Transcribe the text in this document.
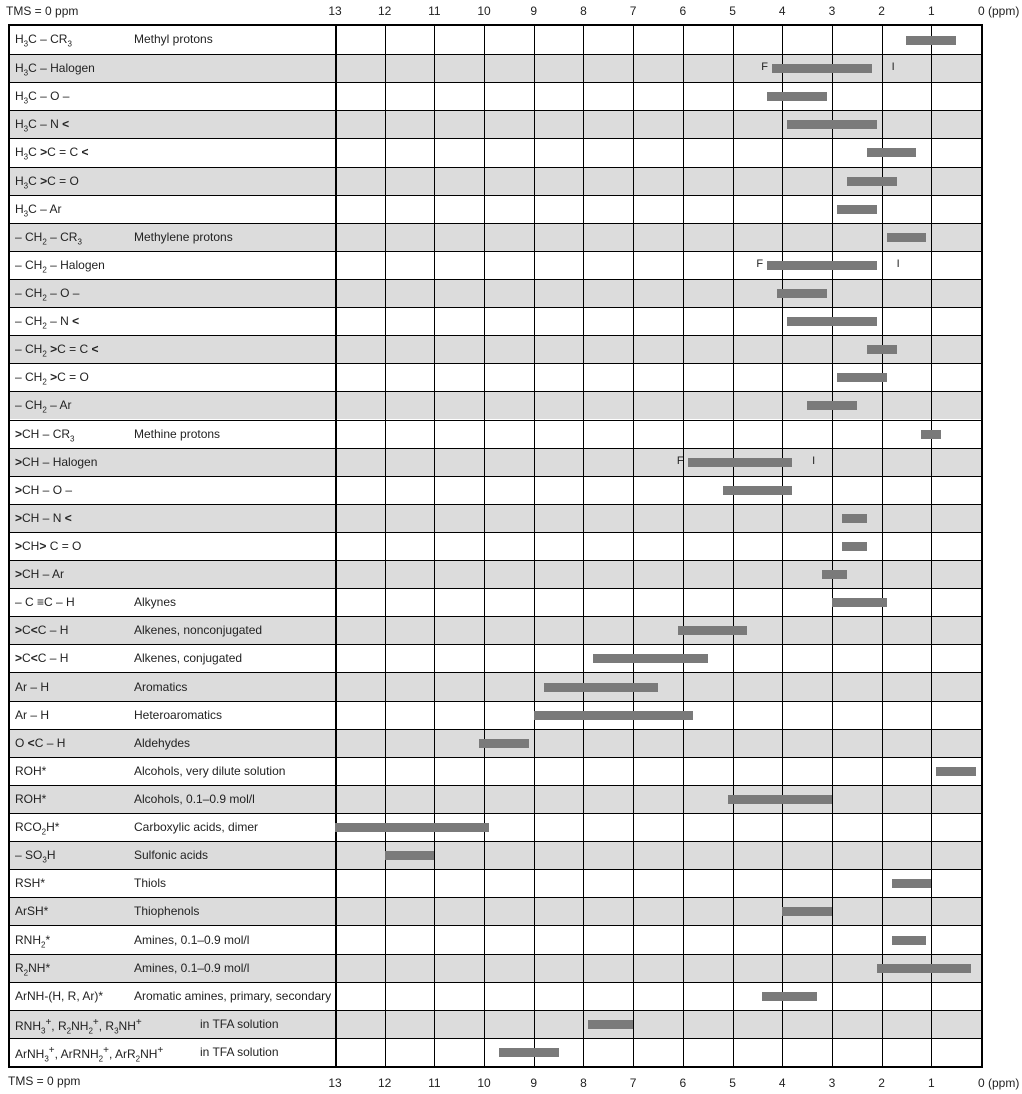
TMS = 0 ppm	0 (ppm)
13	12	11	10	9	8	7	6	5	4	3	2	1
$H_3C - CR_3$	Methyl protons
$H_3C$ – Halogen
$H_3C$ – O –
$H_3C$ – N <
$H_3C >C = C$ <
$H_3C >C = O$
$H_3C$ – Ar
– $CH_2 - CR_3$	Methylene protons
– $CH_2$ – Halogen
– $CH_2$ – O –
– $CH_2$ – N <
– $CH_2 >C = C$ <
– $CH_2 >C = O$
– $CH_2$ – Ar
$>CH - CR_3$	Methine protons
>CH – Halogen
>CH – O –
>CH – N <
>CH> C = O
>CH – Ar
– C ≡C – H	Alkynes
>C<C – H	Alkenes, nonconjugated
>C<C – H	Alkenes, conjugated
Ar – H	Aromatics
Ar – H	Heteroaromatics
O <C – H	Aldehydes
ROH*	Alcohols, very dilute solution
ROH*	Alcohols, 0.1–0.9 mol/l
$RCO_2H*$	Carboxylic acids, dimer
– $SO_3H$	Sulfonic acids
RSH*	Thiols
ArSH*	Thiophenols
$RNH_2*$	Amines, 0.1–0.9 mol/l
$R_2NH*$	Amines, 0.1–0.9 mol/l
ArNH-(H, R, Ar)*	Aromatic amines, primary, secondary
$RNH_3^+$, $R_2NH_2^+$, $R_3NH^+$	in TFA solution
ArNH$_3$+, ArRNH$_2$+, ArR$_2$NH+	in TFA solution
F	I
F	I
F	I
TMS = 0 ppm	0 (ppm)
13	12	11	10	9	8	7	6	5	4	3	2	1
